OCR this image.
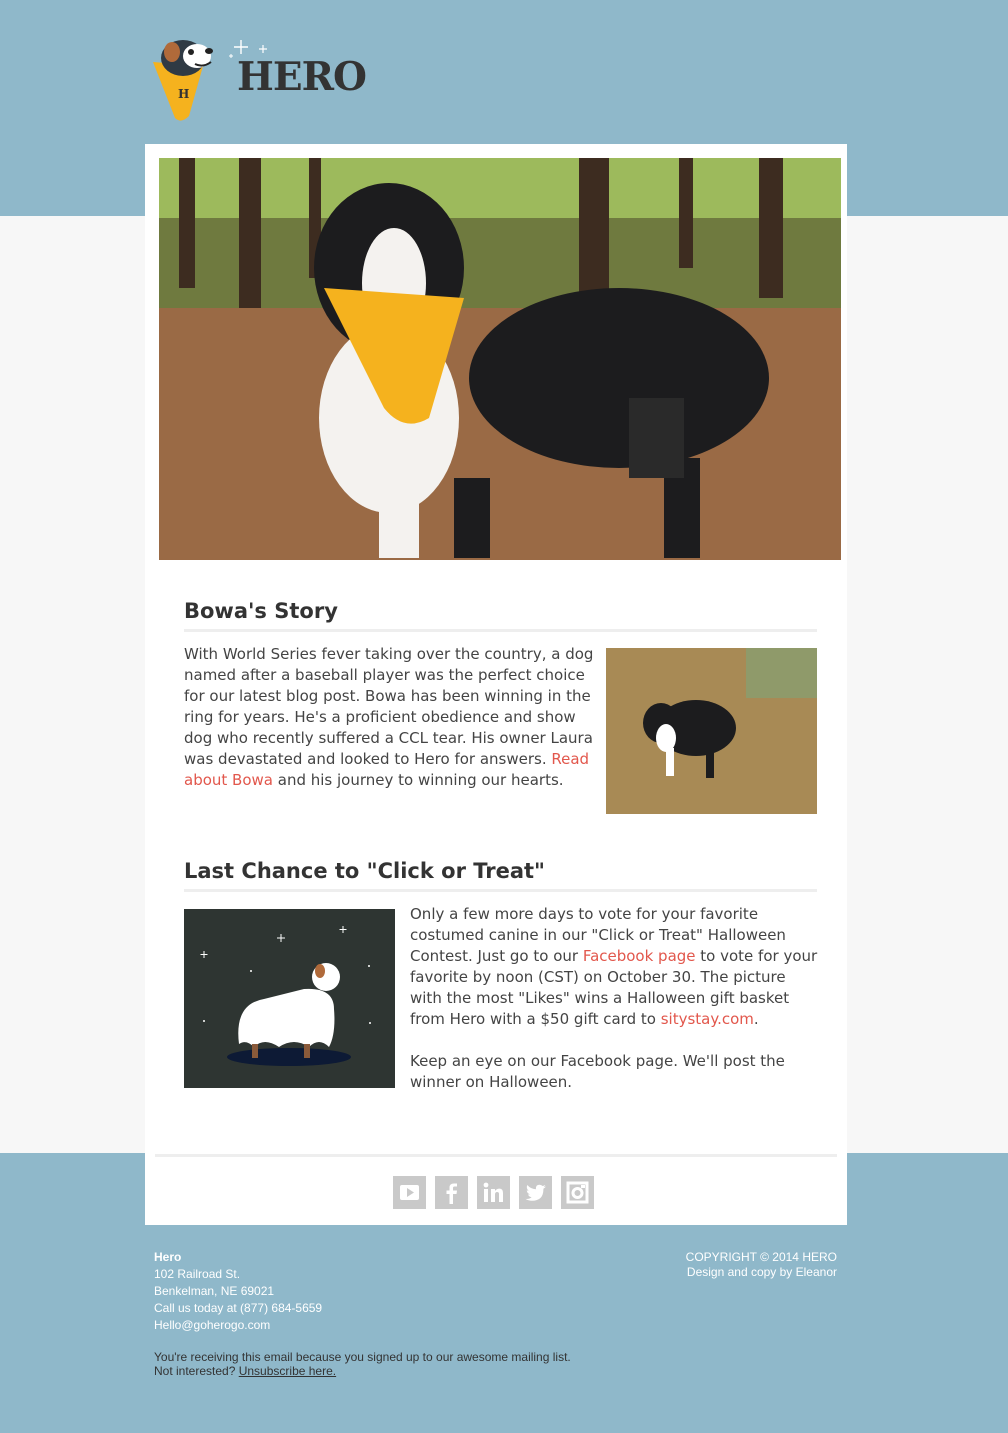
H HERO
Bowa's Story
With World Series fever taking over the country, a dog named after a baseball player was the perfect choice for our latest blog post. Bowa has been winning in the ring for years. He's a proficient obedience and show dog who recently suffered a CCL tear. His owner Laura was devastated and looked to Hero for answers. Read about Bowa and his journey to winning our hearts.
Last Chance to "Click or Treat"
Only a few more days to vote for your favorite costumed canine in our "Click or Treat" Halloween Contest. Just go to our Facebook page to vote for your favorite by noon (CST) on October 30. The picture with the most "Likes" wins a Halloween gift basket from Hero with a $50 gift card to sitystay.com.
Keep an eye on our Facebook page. We'll post the winner on Halloween.
Hero
102 Railroad St.
Benkelman, NE 69021
Call us today at (877) 684-5659
Hello@goherogo.com
COPYRIGHT © 2014 HERO
Design and copy by Eleanor
You're receiving this email because you signed up to our awesome mailing list.
Not interested? Unsubscribe here.
